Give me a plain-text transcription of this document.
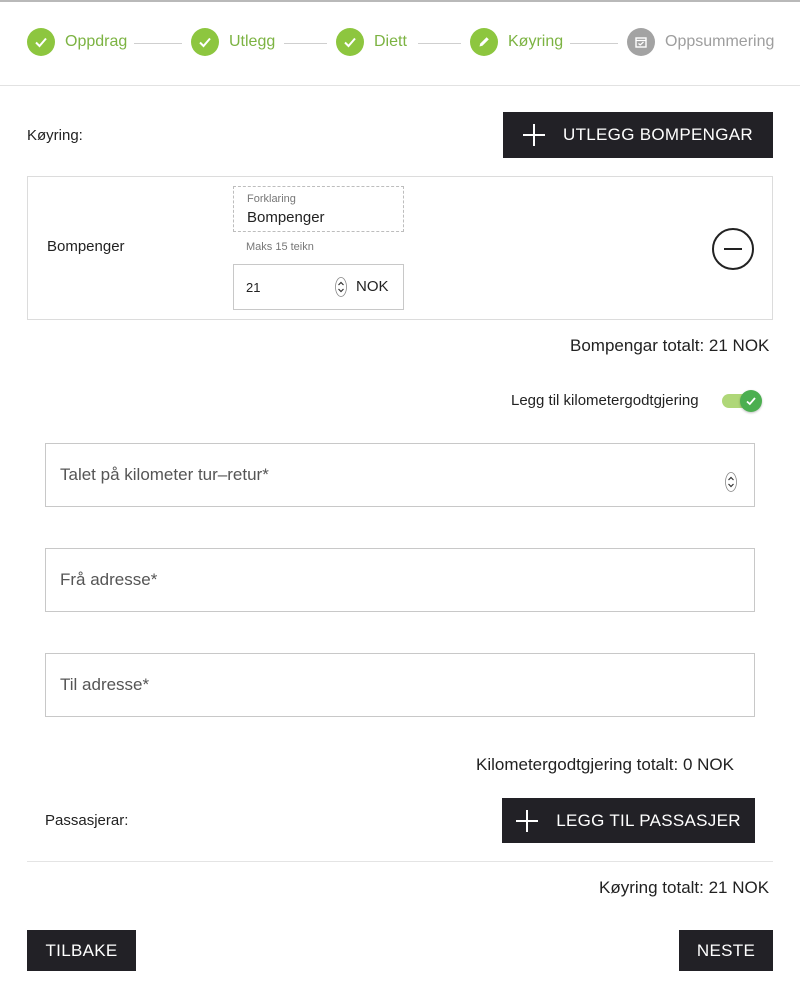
Oppdrag	Utlegg	Diett	Køyring	Oppsummering
Køyring:	UTLEGG BOMPENGAR
Bompenger
Forklaring
Bompenger
Maks 15 teikn
21	NOK
Bompengar totalt: 21 NOK
Legg til kilometergodtgjering
Talet på kilometer tur–retur*
Frå adresse*
Til adresse*
Kilometergodtgjering totalt: 0 NOK
Passasjerar:	LEGG TIL PASSASJER
Køyring totalt: 21 NOK
TILBAKE	NESTE
